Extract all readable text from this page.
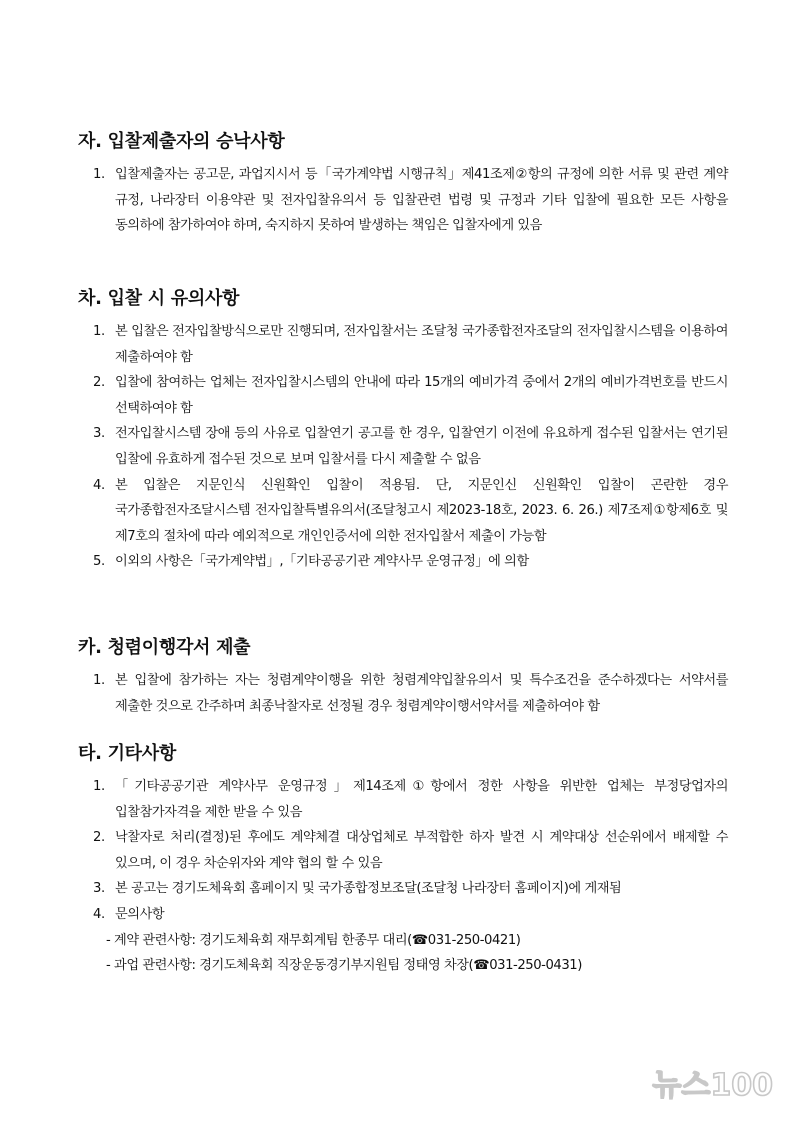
자. 입찰제출자의 승낙사항
1. 입찰제출자는 공고문, 과업지시서 등「국가계약법 시행규칙」제41조제②항의 규정에 의한 서류 및 관련 계약 규정, 나라장터 이용약관 및 전자입찰유의서 등 입찰관련 법령 및 규정과 기타 입찰에 필요한 모든 사항을 동의하에 참가하여야 하며, 숙지하지 못하여 발생하는 책임은 입찰자에게 있음
차. 입찰 시 유의사항
1. 본 입찰은 전자입찰방식으로만 진행되며, 전자입찰서는 조달청 국가종합전자조달의 전자입찰시스템을 이용하여 제출하여야 함
2. 입찰에 참여하는 업체는 전자입찰시스템의 안내에 따라 15개의 예비가격 중에서 2개의 예비가격번호를 반드시 선택하여야 함
3. 전자입찰시스템 장애 등의 사유로 입찰연기 공고를 한 경우, 입찰연기 이전에 유요하게 접수된 입찰서는 연기된 입찰에 유효하게 접수된 것으로 보며 입찰서를 다시 제출할 수 없음
4. 본 입찰은 지문인식 신원확인 입찰이 적용됨. 단, 지문인신 신원확인 입찰이 곤란한 경우 국가종합전자조달시스템 전자입찰특별유의서(조달청고시 제2023-18호, 2023. 6. 26.) 제7조제①항제6호 및 제7호의 절차에 따라 예외적으로 개인인증서에 의한 전자입찰서 제출이 가능함
5. 이외의 사항은「국가계약법」,「기타공공기관 계약사무 운영규정」에 의함
카. 청렴이행각서 제출
1. 본 입찰에 참가하는 자는 청렴계약이행을 위한 청렴계약입찰유의서 및 특수조건을 준수하겠다는 서약서를 제출한 것으로 간주하며 최종낙찰자로 선정될 경우 청렴계약이행서약서를 제출하여야 함
타. 기타사항
1. 「기타공공기관 계약사무 운영규정」제14조제①항에서 정한 사항을 위반한 업체는 부정당업자의 입찰참가자격을 제한 받을 수 있음
2. 낙찰자로 처리(결정)된 후에도 계약체결 대상업체로 부적합한 하자 발견 시 계약대상 선순위에서 배제할 수 있으며, 이 경우 차순위자와 계약 협의 할 수 있음
3. 본 공고는 경기도체육회 홈페이지 및 국가종합정보조달(조달청 나라장터 홈페이지)에 게재됨
4. 문의사항
- 계약 관련사항: 경기도체육회 재무회계팀 한종무 대리(☎031-250-0421)
- 과업 관련사항: 경기도체육회 직장운동경기부지원팀 정태영 차장(☎031-250-0431)
뉴스100
